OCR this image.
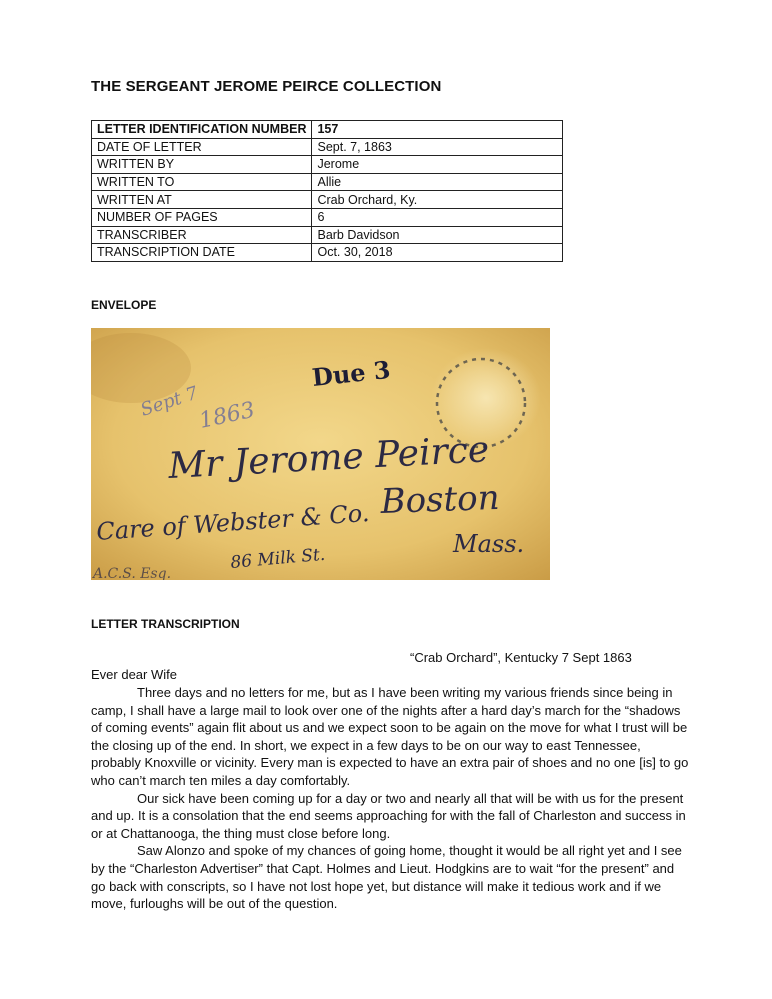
THE SERGEANT JEROME PEIRCE COLLECTION
LETTER IDENTIFICATION NUMBER	157
DATE OF LETTER	Sept. 7, 1863
WRITTEN BY	Jerome
WRITTEN TO	Allie
WRITTEN AT	Crab Orchard, Ky.
NUMBER OF PAGES	6
TRANSCRIBER	Barb Davidson
TRANSCRIPTION DATE	Oct. 30, 2018
ENVELOPE
Due 3
Sept 7
1863
Mr Jerome Peirce
Boston
Mass.
Care of Webster & Co.
86 Milk St.
A.C.S. Esq.
LETTER TRANSCRIPTION
“Crab Orchard”, Kentucky 7 Sept 1863
Ever dear Wife

Three days and no letters for me, but as I have been writing my various friends since being in camp, I shall have a large mail to look over one of the nights after a hard day’s march for the “shadows of coming events” again flit about us and we expect soon to be again on the move for what I trust will be the closing up of the end. In short, we expect in a few days to be on our way to east Tennessee, probably Knoxville or vicinity. Every man is expected to have an extra pair of shoes and no one [is] to go who can’t march ten miles a day comfortably.

Our sick have been coming up for a day or two and nearly all that will be with us for the present and up. It is a consolation that the end seems approaching for with the fall of Charleston and success in or at Chattanooga, the thing must close before long.

Saw Alonzo and spoke of my chances of going home, thought it would be all right yet and I see by the “Charleston Advertiser” that Capt. Holmes and Lieut. Hodgkins are to wait “for the present” and go back with conscripts, so I have not lost hope yet, but distance will make it tedious work and if we move, furloughs will be out of the question.
